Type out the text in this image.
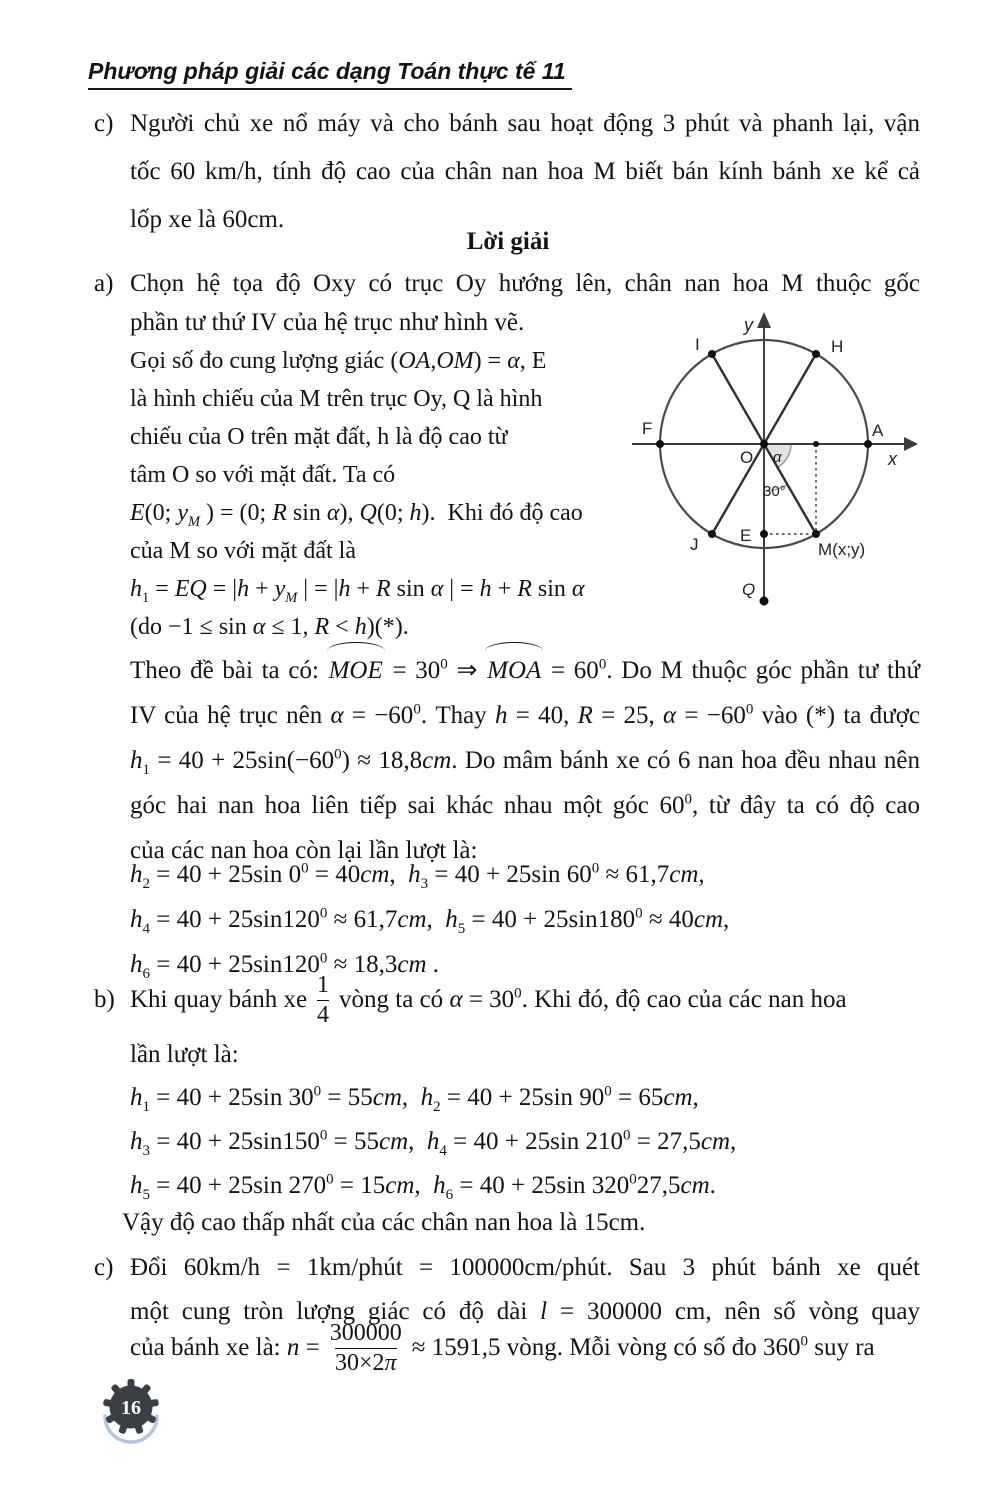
Phương pháp giải các dạng Toán thực tế 11
c) Người chủ xe nổ máy và cho bánh sau hoạt động 3 phút và phanh lại, vận
tốc 60 km/h, tính độ cao của chân nan hoa M biết bán kính bánh xe kể cả
lốp xe là 60cm.
Lời giải
a) Chọn hệ tọa độ Oxy có trục Oy hướng lên, chân nan hoa M thuộc gốc
phần tư thứ IV của hệ trục như hình vẽ.
Gọi số đo cung lượng giác (OA,OM) = α, E
là hình chiếu của M trên trục Oy, Q là hình
chiếu của O trên mặt đất, h là độ cao từ
tâm O so với mặt đất. Ta có
E(0; $y_M$ ) = (0; R sin α), Q(0; h).  Khi đó độ cao
của M so với mặt đất là
$h_1$ = EQ = $|h + y_M$ | = |h + R sin α | = h + R sin α
(do −1 ≤ sin α ≤ 1, R < h)(*).
y
x
O
A
F
H
I
J E
Q
M(x;y)
α
30°
Theo đề bài ta có: MOE = $30^0$ ⇒ MOA = $60^0$. Do M thuộc góc phần tư thứ
IV của hệ trục nên $\alpha = -60^0$. Thay h = 40, R = 25, $\alpha = -60^0$ vào (*) ta được
$h_1 = 40 + 25\sin(-60^0) \approx 18,8cm$. Do mâm bánh xe có 6 nan hoa đều nhau nên
góc hai nan hoa liên tiếp sai khác nhau một góc $60^0$, từ đây ta có độ cao
của các nan hoa còn lại lần lượt là:
$h_2 = 40 + 25\sin$ $0^0 = 40cm$,  $h_3 = 40 + 25\sin$ $60^0 \approx 61,7cm$,
$h_4 = 40 + 25\sin 120^0 \approx 61,7cm$,  $h_5 = 40 + 25\sin 180^0 \approx 40cm$,
$h_6 = 40 + 25\sin 120^0 \approx 18,3cm$ .
b) Khi quay bánh xe $\frac{1}{4}$ vòng ta có $\alpha = 30^0$. Khi đó, độ cao của các nan hoa
lần lượt là:
$h_1 = 40 + 25\sin$ $30^0 = 55cm$,  $h_2 = 40 + 25\sin$ $90^0 = 65cm$,
$h_3 = 40 + 25\sin 150^0 = 55cm$,  $h_4 = 40 + 25\sin$ $210^0 = 27,5cm$,
$h_5 = 40 + 25\sin$ $270^0 = 15cm$,  $h_6 = 40 + 25\sin$ $320^027,5cm$.
Vậy độ cao thấp nhất của các chân nan hoa là 15cm.
c) Đổi 60km/h = 1km/phút = 100000cm/phút. Sau 3 phút bánh xe quét
một cung tròn lượng giác có độ dài l = 300000 cm, nên số vòng quay
của bánh xe là: $n = \frac{300000}{30\times 2\pi} \approx 1591,5$ vòng. Mỗi vòng có số đo $360^0$ suy ra
16
